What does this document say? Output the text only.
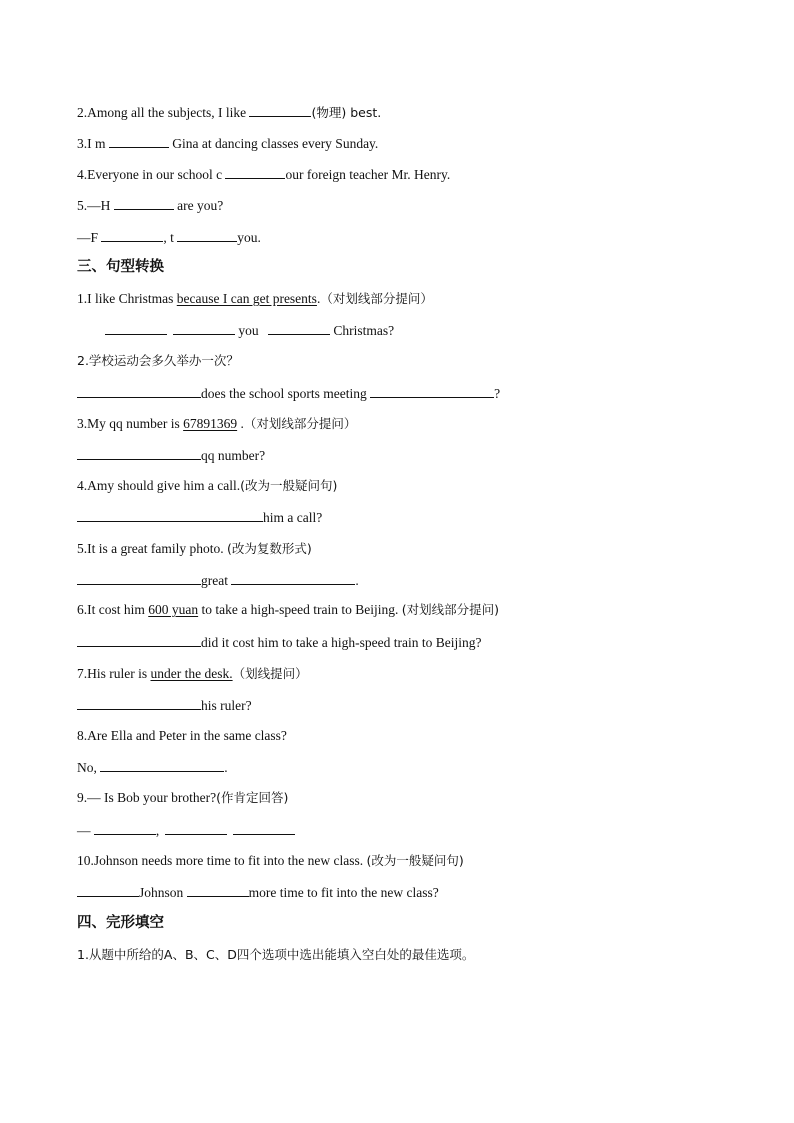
2.Among all the subjects, I like	(物理) best.
3.I m	Gina at dancing classes every Sunday.
4.Everyone in our school c	our foreign teacher Mr. Henry.
5.—H	are you?
—F	, t	you.
三、句型转换
1.I like Christmas because I can get presents.（对划线部分提问）
you	Christmas?
2.学校运动会多久举办一次？
does the school sports meeting	?
3.My qq number is 67891369 .（对划线部分提问）
qq number?
4.Amy should give him a call.(改为一般疑问句)
him a call?
5.It is a great family photo. (改为复数形式)
great	.
6.It cost him 600 yuan to take a high-speed train to Beijing. (对划线部分提问)
did it cost him to take a high-speed train to Beijing?
7.His ruler is under the desk.（划线提问）
his ruler?
8.Are Ella and Peter in the same class?
No,	.
9.— Is Bob your brother?(作肯定回答)
—	,
10.Johnson needs more time to fit into the new class. (改为一般疑问句)
Johnson	more time to fit into the new class?
四、完形填空
1.从题中所给的A、B、C、D四个选项中选出能填入空白处的最佳选项。
